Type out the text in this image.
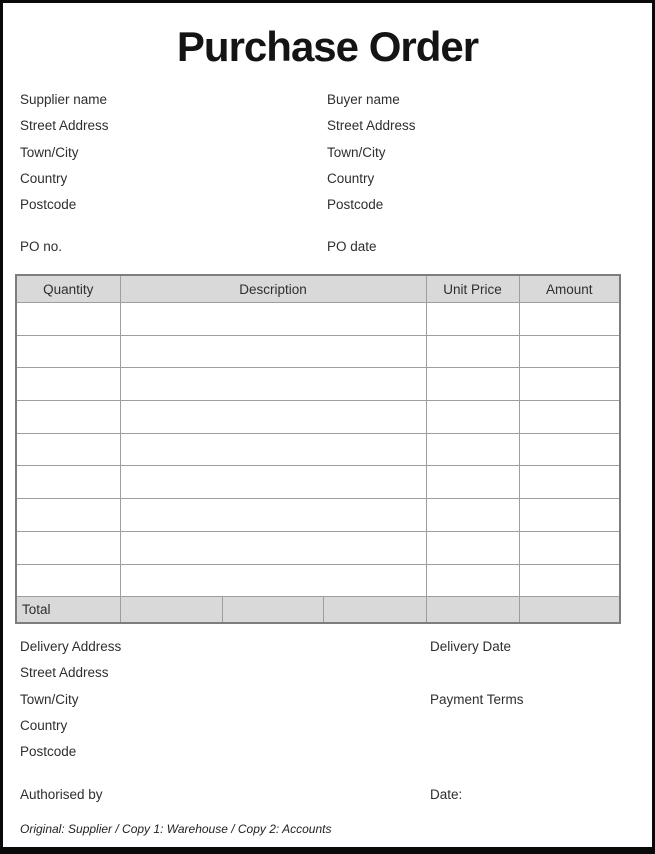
Purchase Order
Supplier name	Buyer name
Street Address	Street Address
Town/City	Town/City
Country	Country
Postcode	Postcode
PO no.	PO date
Quantity	Description			Unit Price	Amount

Total					
Delivery Address	Delivery Date
Street Address
Town/City	Payment Terms
Country
Postcode
Authorised by	Date:
Original: Supplier / Copy 1: Warehouse / Copy 2: Accounts
